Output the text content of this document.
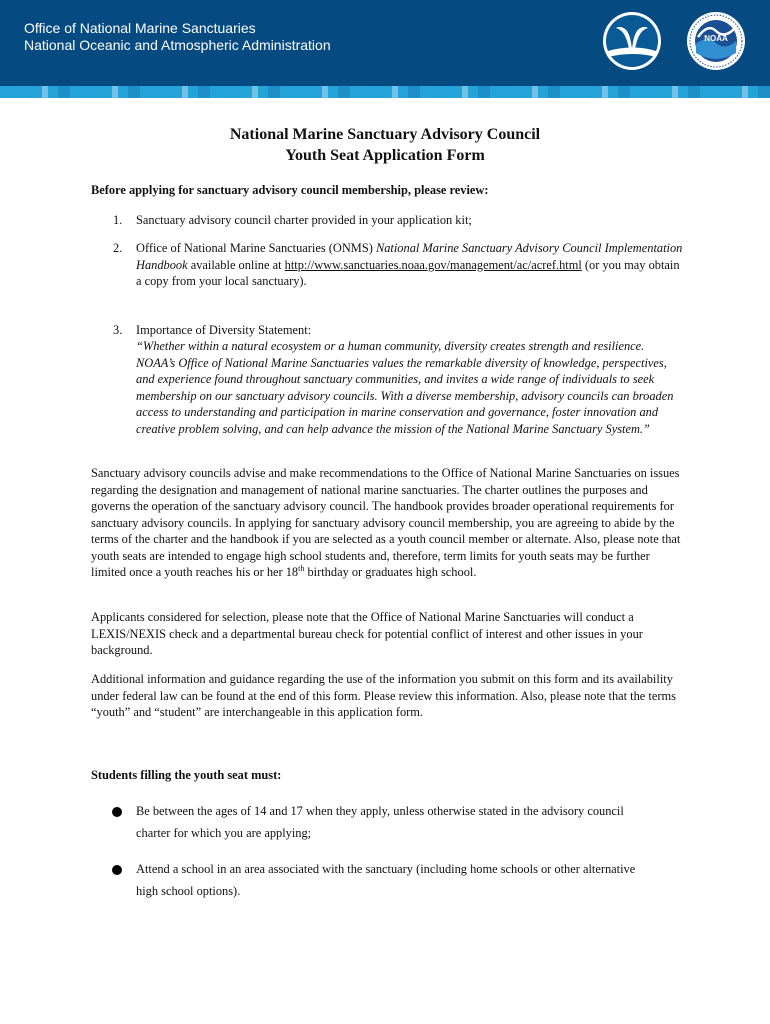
Office of National Marine Sanctuaries
National Oceanic and Atmospheric Administration	NOAA
National Marine Sanctuary Advisory Council
Youth Seat Application Form
Before applying for sanctuary advisory council membership, please review:
1. Sanctuary advisory council charter provided in your application kit;
2. Office of National Marine Sanctuaries (ONMS) National Marine Sanctuary Advisory Council Implementation Handbook available online at http://www.sanctuaries.noaa.gov/management/ac/acref.html (or you may obtain a copy from your local sanctuary).
3. Importance of Diversity Statement:
“Whether within a natural ecosystem or a human community, diversity creates strength and resilience. NOAA’s Office of National Marine Sanctuaries values the remarkable diversity of knowledge, perspectives, and experience found throughout sanctuary communities, and invites a wide range of individuals to seek membership on our sanctuary advisory councils. With a diverse membership, advisory councils can broaden access to understanding and participation in marine conservation and governance, foster innovation and creative problem solving, and can help advance the mission of the National Marine Sanctuary System.”
Sanctuary advisory councils advise and make recommendations to the Office of National Marine Sanctuaries on issues regarding the designation and management of national marine sanctuaries. The charter outlines the purposes and governs the operation of the sanctuary advisory council. The handbook provides broader operational requirements for sanctuary advisory councils. In applying for sanctuary advisory council membership, you are agreeing to abide by the terms of the charter and the handbook if you are selected as a youth council member or alternate. Also, please note that youth seats are intended to engage high school students and, therefore, term limits for youth seats may be further limited once a youth reaches his or her 18th birthday or graduates high school.
Applicants considered for selection, please note that the Office of National Marine Sanctuaries will conduct a LEXIS/NEXIS check and a departmental bureau check for potential conflict of interest and other issues in your background.
Additional information and guidance regarding the use of the information you submit on this form and its availability under federal law can be found at the end of this form. Please review this information. Also, please note that the terms “youth” and “student” are interchangeable in this application form.
Students filling the youth seat must:
Be between the ages of 14 and 17 when they apply, unless otherwise stated in the advisory council charter for which you are applying;
Attend a school in an area associated with the sanctuary (including home schools or other alternative high school options).
